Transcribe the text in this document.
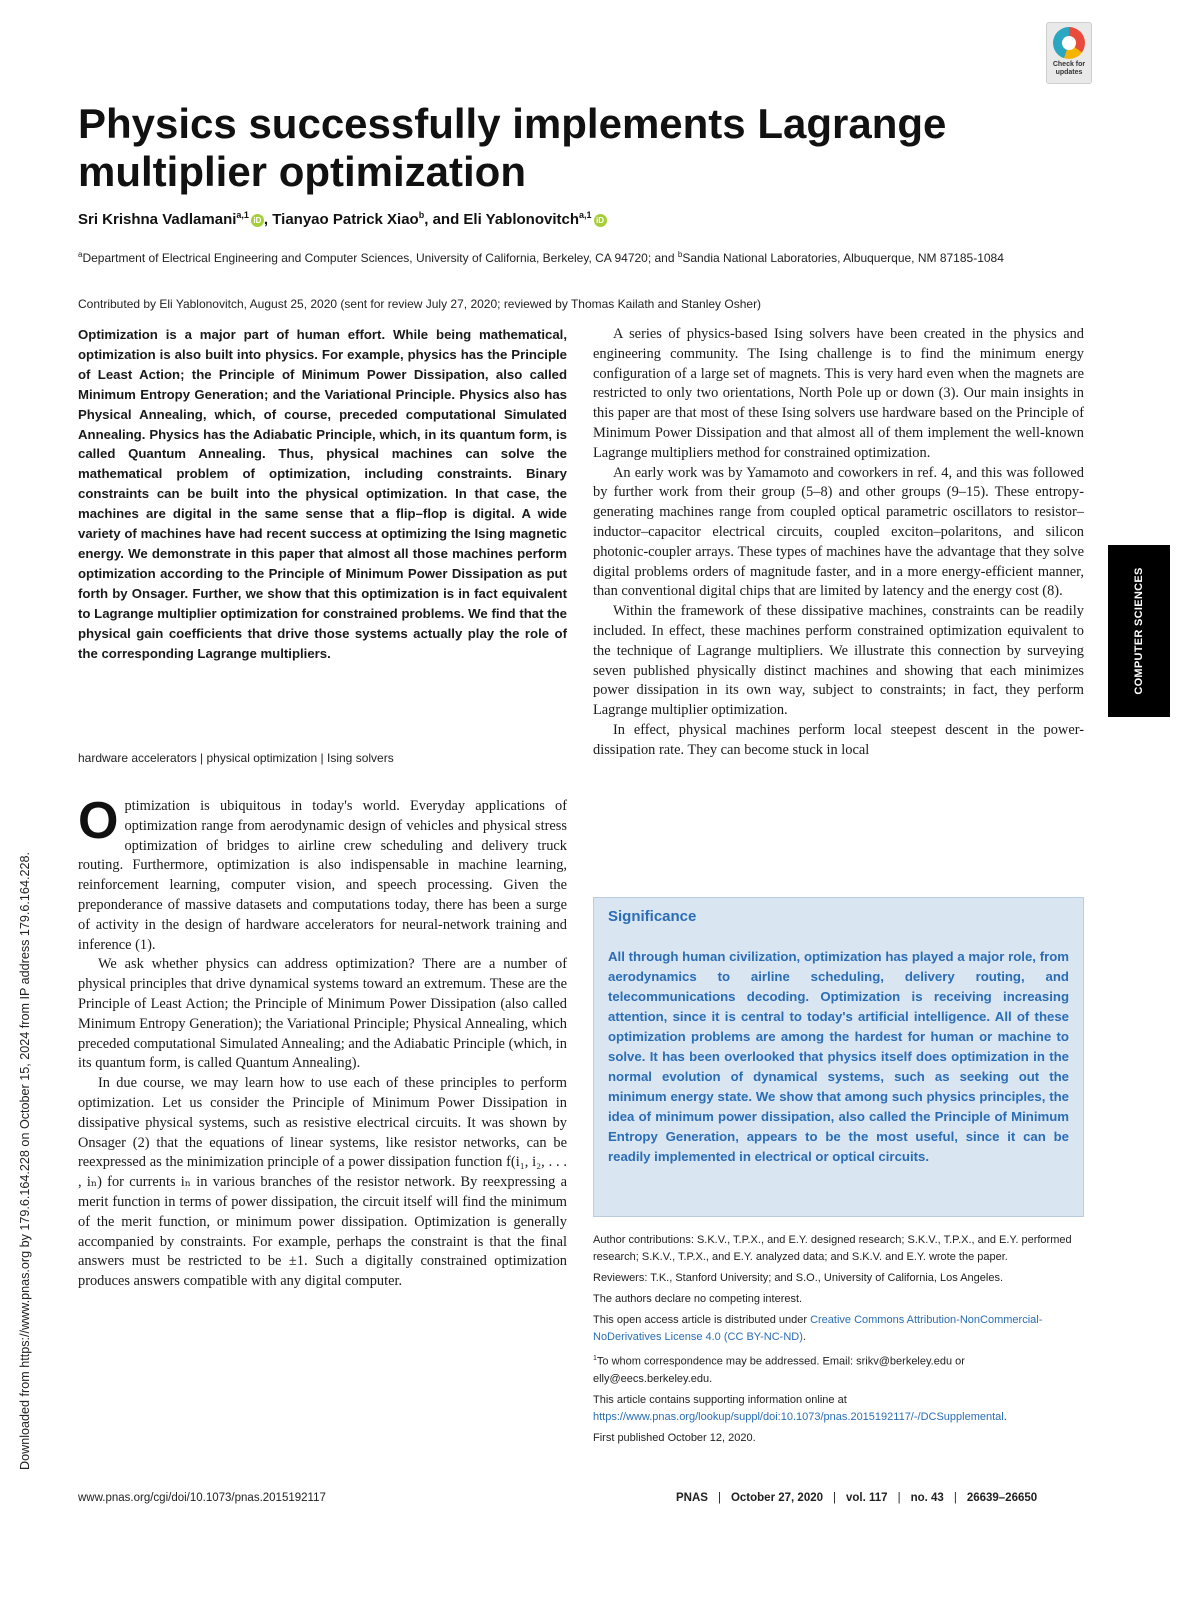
Check for
updates
Physics successfully implements Lagrange multiplier optimization
Sri Krishna Vadlamani$^{a,1}$iD , Tianyao Patrick Xiao$^b$, and Eli Yablonovitch$^{a,1}$iD
$^a$Department of Electrical Engineering and Computer Sciences, University of California, Berkeley, CA 94720; and $^b$Sandia National Laboratories, Albuquerque, NM 87185-1084
Contributed by Eli Yablonovitch, August 25, 2020 (sent for review July 27, 2020; reviewed by Thomas Kailath and Stanley Osher)

Optimization is a major part of human effort. While being mathematical, optimization is also built into physics. For example, physics has the Principle of Least Action; the Principle of Minimum Power Dissipation, also called Minimum Entropy Generation; and the Variational Principle. Physics also has Physical Annealing, which, of course, preceded computational Simulated Annealing. Physics has the Adiabatic Principle, which, in its quantum form, is called Quantum Annealing. Thus, physical machines can solve the mathematical problem of optimization, including constraints. Binary constraints can be built into the physical optimization. In that case, the machines are digital in the same sense that a flip–flop is digital. A wide variety of machines have had recent success at optimizing the Ising magnetic energy. We demonstrate in this paper that almost all those machines perform optimization according to the Principle of Minimum Power Dissipation as put forth by Onsager. Further, we show that this optimization is in fact equivalent to Lagrange multiplier optimization for constrained problems. We find that the physical gain coefficients that drive those systems actually play the role of the corresponding Lagrange multipliers.

hardware accelerators | physical optimization | Ising solvers

Optimization is ubiquitous in today's world. Everyday applications of optimization range from aerodynamic design of vehicles and physical stress optimization of bridges to airline crew scheduling and delivery truck routing. Furthermore, optimization is also indispensable in machine learning, reinforcement learning, computer vision, and speech processing. Given the preponderance of massive datasets and computations today, there has been a surge of activity in the design of hardware accelerators for neural-network training and inference (1).

We ask whether physics can address optimization? There are a number of physical principles that drive dynamical systems toward an extremum. These are the Principle of Least Action; the Principle of Minimum Power Dissipation (also called Minimum Entropy Generation); the Variational Principle; Physical Annealing, which preceded computational Simulated Annealing; and the Adiabatic Principle (which, in its quantum form, is called Quantum Annealing).

In due course, we may learn how to use each of these principles to perform optimization. Let us consider the Principle of Minimum Power Dissipation in dissipative physical systems, such as resistive electrical circuits. It was shown by Onsager (2) that the equations of linear systems, like resistor networks, can be reexpressed as the minimization principle of a power dissipation function f(i₁, i₂, . . . , iₙ) for currents iₙ in various branches of the resistor network. By reexpressing a merit function in terms of power dissipation, the circuit itself will find the minimum of the merit function, or minimum power dissipation. Optimization is generally accompanied by constraints. For example, perhaps the constraint is that the final answers must be restricted to be ±1. Such a digitally constrained optimization produces answers compatible with any digital computer.

A series of physics-based Ising solvers have been created in the physics and engineering community. The Ising challenge is to find the minimum energy configuration of a large set of magnets. This is very hard even when the magnets are restricted to only two orientations, North Pole up or down (3). Our main insights in this paper are that most of these Ising solvers use hardware based on the Principle of Minimum Power Dissipation and that almost all of them implement the well-known Lagrange multipliers method for constrained optimization.

An early work was by Yamamoto and coworkers in ref. 4, and this was followed by further work from their group (5–8) and other groups (9–15). These entropy-generating machines range from coupled optical parametric oscillators to resistor–inductor–capacitor electrical circuits, coupled exciton–polaritons, and silicon photonic-coupler arrays. These types of machines have the advantage that they solve digital problems orders of magnitude faster, and in a more energy-efficient manner, than conventional digital chips that are limited by latency and the energy cost (8).

Within the framework of these dissipative machines, constraints can be readily included. In effect, these machines perform constrained optimization equivalent to the technique of Lagrange multipliers. We illustrate this connection by surveying seven published physically distinct machines and showing that each minimizes power dissipation in its own way, subject to constraints; in fact, they perform Lagrange multiplier optimization.

In effect, physical machines perform local steepest descent in the power-dissipation rate. They can become stuck in local

Significance

All through human civilization, optimization has played a major role, from aerodynamics to airline scheduling, delivery routing, and telecommunications decoding. Optimization is receiving increasing attention, since it is central to today's artificial intelligence. All of these optimization problems are among the hardest for human or machine to solve. It has been overlooked that physics itself does optimization in the normal evolution of dynamical systems, such as seeking out the minimum energy state. We show that among such physics principles, the idea of minimum power dissipation, also called the Principle of Minimum Entropy Generation, appears to be the most useful, since it can be readily implemented in electrical or optical circuits.

Author contributions: S.K.V., T.P.X., and E.Y. designed research; S.K.V., T.P.X., and E.Y. performed research; S.K.V., T.P.X., and E.Y. analyzed data; and S.K.V. and E.Y. wrote the paper.

Reviewers: T.K., Stanford University; and S.O., University of California, Los Angeles.

The authors declare no competing interest.

This open access article is distributed under Creative Commons Attribution-NonCommercial-NoDerivatives License 4.0 (CC BY-NC-ND).

$^1$To whom correspondence may be addressed. Email: srikv@berkeley.edu or elly@eecs.berkeley.edu.

This article contains supporting information online at https://www.pnas.org/lookup/suppl/doi:10.1073/pnas.2015192117/-/DCSupplemental.

First published October 12, 2020.

COMPUTER SCIENCES
Downloaded from https://www.pnas.org by 179.6.164.228 on October 15, 2024 from IP address 179.6.164.228.
www.pnas.org/cgi/doi/10.1073/pnas.2015192117	PNAS | October 27, 2020 | vol. 117 | no. 43 | 26639–26650
